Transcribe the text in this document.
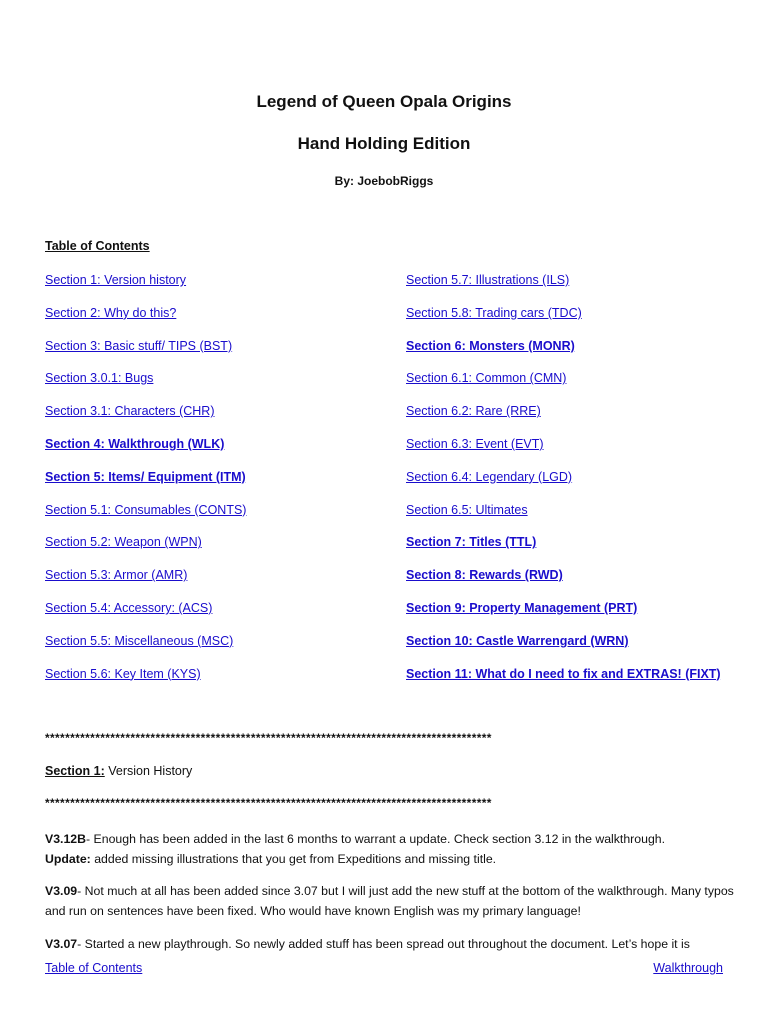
Legend of Queen Opala Origins
Hand Holding Edition
By: JoebobRiggs
Table of Contents
Section 1: Version history
Section 2: Why do this?
Section 3: Basic stuff/ TIPS (BST)
Section 3.0.1: Bugs
Section 3.1: Characters (CHR)
Section 4: Walkthrough (WLK)
Section 5: Items/ Equipment (ITM)
Section 5.1: Consumables (CONTS)
Section 5.2: Weapon (WPN)
Section 5.3: Armor (AMR)
Section 5.4: Accessory: (ACS)
Section 5.5: Miscellaneous (MSC)
Section 5.6: Key Item (KYS)
Section 5.7: Illustrations (ILS)
Section 5.8: Trading cars (TDC)
Section 6: Monsters (MONR)
Section 6.1: Common (CMN)
Section 6.2: Rare (RRE)
Section 6.3: Event (EVT)
Section 6.4: Legendary (LGD)
Section 6.5: Ultimates
Section 7: Titles (TTL)
Section 8: Rewards (RWD)
Section 9: Property Management (PRT)
Section 10: Castle Warrengard (WRN)
Section 11: What do I need to fix and EXTRAS! (FIXT)
*****************************************************************************************
Section 1: Version History
*****************************************************************************************
V3.12B- Enough has been added in the last 6 months to warrant a update. Check section 3.12 in the walkthrough.
Update: added missing illustrations that you get from Expeditions and missing title.
V3.09- Not much at all has been added since 3.07 but I will just add the new stuff at the bottom of the walkthrough. Many typos and run on sentences have been fixed. Who would have known English was my primary language!
V3.07- Started a new playthrough. So newly added stuff has been spread out throughout the document. Let’s hope it is
Table of Contents	Walkthrough
